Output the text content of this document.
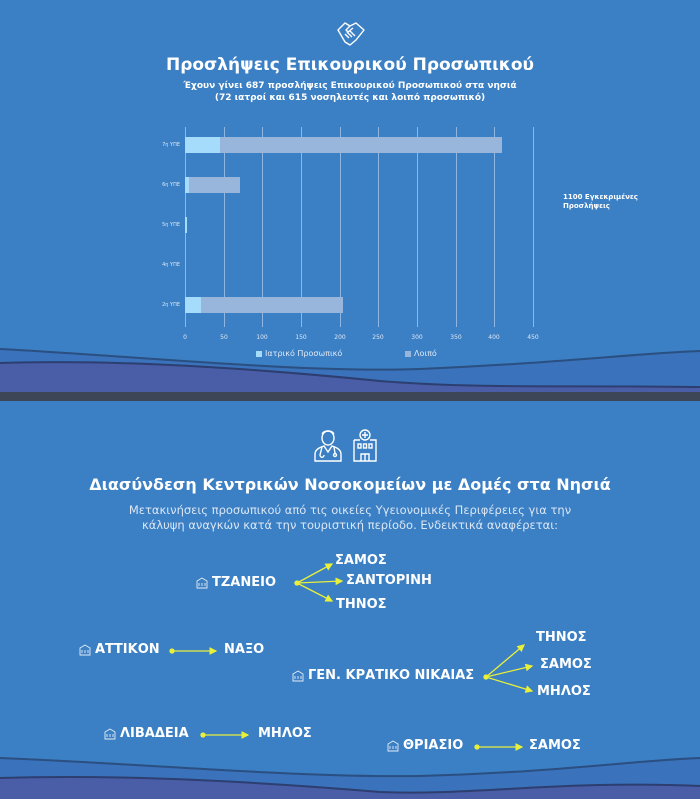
Προσλήψεις Επικουρικού Προσωπικού
Έχουν γίνει 687 προσλήψεις Επικουρικού Προσωπικού στα νησιά
(72 ιατροί και 615 νοσηλευτές και λοιπό προσωπικό)
7η ΥΠΕ
6η ΥΠΕ
5η ΥΠΕ
4η ΥΠΕ
2η ΥΠΕ
0	50	100	150	200	250	300	350	400	450
Ιατρικό Προσωπικό	Λοιπό
1100 Εγκεκριμένες
Προσλήψεις
Διασύνδεση Κεντρικών Νοσοκομείων με Δομές στα Νησιά
Μετακινήσεις προσωπικού από τις οικείες Υγειονομικές Περιφέρειες για την
κάλυψη αναγκών κατά την τουριστική περίοδο. Ενδεικτικά αναφέρεται:
ΤΖΑΝΕΙΟ
ΣΑΜΟΣ
ΣΑΝΤΟΡΙΝΗ
ΤΗΝΟΣ
ΑΤΤΙΚΟΝ	ΝΑΞΟ
ΓΕΝ. ΚΡΑΤΙΚΟ ΝΙΚΑΙΑΣ
ΤΗΝΟΣ
ΣΑΜΟΣ
ΜΗΛΟΣ
ΛΙΒΑΔΕΙΑ	ΜΗΛΟΣ
ΘΡΙΑΣΙΟ	ΣΑΜΟΣ
